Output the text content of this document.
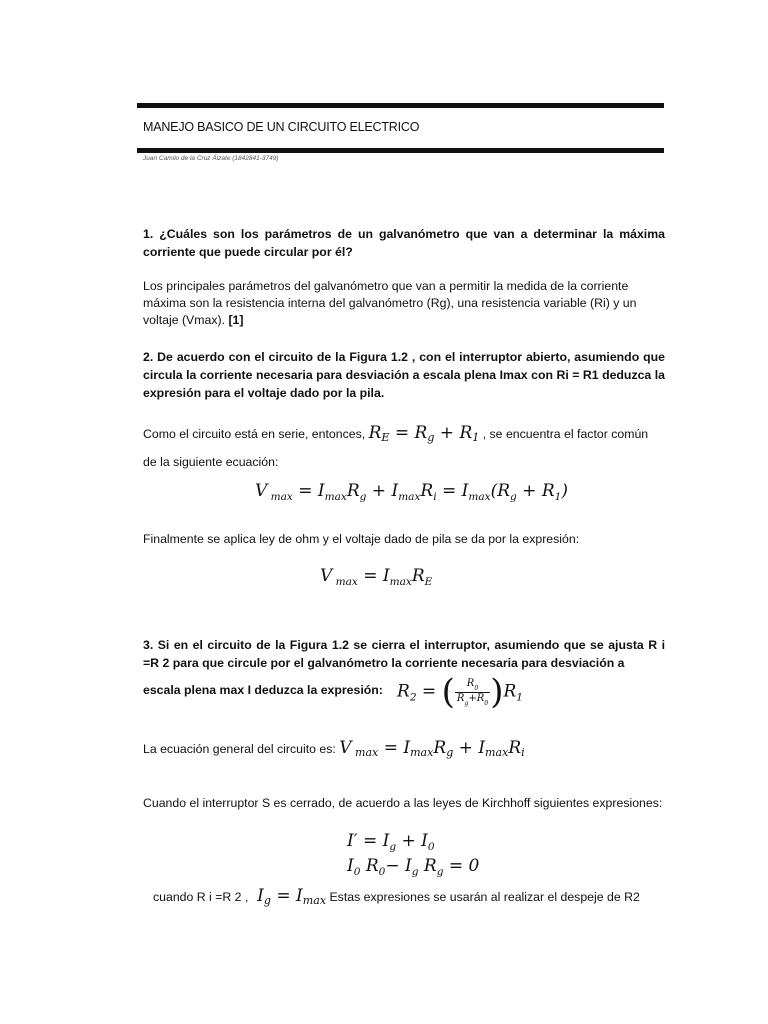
MANEJO BASICO DE UN CIRCUITO ELECTRICO
Juan Camilo de la Cruz Álzate (1842841-3749)
1. ¿Cuáles son los parámetros de un galvanómetro que van a determinar la máxima corriente que puede circular por él?
Los principales parámetros del galvanómetro que van a permitir la medida de la corriente máxima son la resistencia interna del galvanómetro (Rg), una resistencia variable (Ri) y un voltaje (Vmax). [1]
2. De acuerdo con el circuito de la Figura 1.2 , con el interruptor abierto, asumiendo que circula la corriente necesaria para desviación a escala plena Imax con Ri = R1 deduzca la expresión para el voltaje dado por la pila.
Como el circuito está en serie, entonces, $R_E = R_g + R_1$ , se encuentra el factor común de la siguiente ecuación:
V $_{max} = I_{max}R_g + I_{max}R_i = I_{max}(R_g + R_1)$
Finalmente se aplica ley de ohm y el voltaje dado de pila se da por la expresión:
V $_{max} = I_{max}R_E$
3. Si en el circuito de la Figura 1.2 se cierra el interruptor, asumiendo que se ajusta R i =R 2 para que circule por el galvanómetro la corriente necesaria para desviación a
escala plena max I deduzca la expresión: $R_2$ = ( $\frac{R_0}{R_g+R_0} )R_1$
La ecuación general del circuito es: V $_{max} = I_{max}R_g + I_{max}R_i$
Cuando el interruptor S es cerrado, de acuerdo a las leyes de Kirchhoff siguientes expresiones:
$I' = I_g + I_0$
$I_0$ $R_0- I_g$ $R_g = 0$
cuando R i =R 2 ,  $I_g = I_{max}$ Estas expresiones se usarán al realizar el despeje de R2
